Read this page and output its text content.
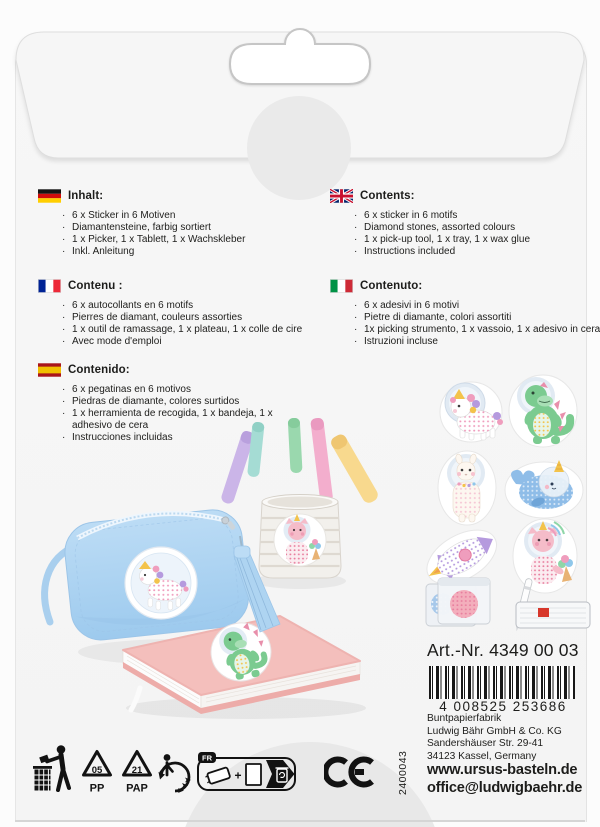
Inhalt:
· 6 x Sticker in 6 Motiven
· Diamantensteine, farbig sortiert
· 1 x Picker, 1 x Tablett, 1 x Wachskleber
· Inkl. Anleitung
Contents:
· 6 x sticker in 6 motifs
· Diamond stones, assorted colours
· 1 x pick-up tool, 1 x tray, 1 x wax glue
· Instructions included
Contenu :
· 6 x autocollants en 6 motifs
· Pierres de diamant, couleurs assorties
· 1 x outil de ramassage, 1 x plateau, 1 x colle de cire
· Avec mode d'emploi
Contenuto:
· 6 x adesivi in 6 motivi
· Pietre di diamante, colori assortiti
· 1x picking strumento, 1 x vassoio, 1 x adesivo in cera
· Istruzioni incluse
Contenido:
· 6 x pegatinas en 6 motivos
· Piedras de diamante, colores surtidos
· 1 x herramienta de recogida, 1 x bandeja, 1 x adhesivo de cera
· Instrucciones incluidas
Art.-Nr. 4349 00 03
4 008525 253686
Buntpapierfabrik
Ludwig Bähr GmbH & Co. KG
Sandershäuser Str. 29-41
34123 Kassel, Germany
www.ursus-basteln.de
office@ludwigbaehr.de
2400043
05
PP
21
PAP
FR
+
